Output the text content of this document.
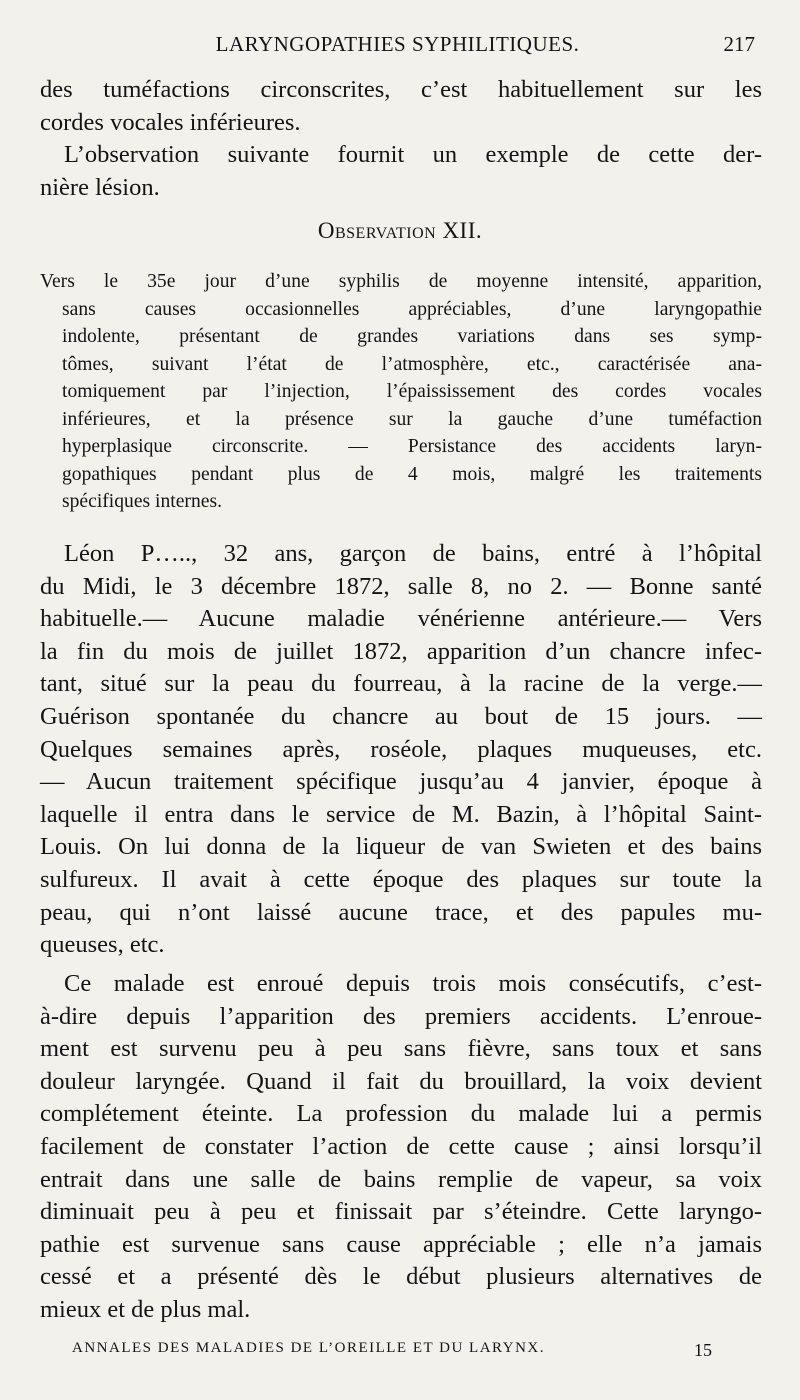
LARYNGOPATHIES SYPHILITIQUES.	217
des tuméfactions circonscrites, c’est habituellement sur les
cordes vocales inférieures.
L’observation suivante fournit un exemple de cette der-
nière lésion.
Observation XII.
Vers le 35e jour d’une syphilis de moyenne intensité, apparition,
sans causes occasionnelles appréciables, d’une laryngopathie
indolente, présentant de grandes variations dans ses symp-
tômes, suivant l’état de l’atmosphère, etc., caractérisée ana-
tomiquement par l’injection, l’épaississement des cordes vocales
inférieures, et la présence sur la gauche d’une tuméfaction
hyperplasique circonscrite. — Persistance des accidents laryn-
gopathiques pendant plus de 4 mois, malgré les traitements
spécifiques internes.
Léon P….., 32 ans, garçon de bains, entré à l’hôpital
du Midi, le 3 décembre 1872, salle 8, no 2. — Bonne santé
habituelle.— Aucune maladie vénérienne antérieure.— Vers
la fin du mois de juillet 1872, apparition d’un chancre infec-
tant, situé sur la peau du fourreau, à la racine de la verge.—
Guérison spontanée du chancre au bout de 15 jours. —
Quelques semaines après, roséole, plaques muqueuses, etc.
— Aucun traitement spécifique jusqu’au 4 janvier, époque à
laquelle il entra dans le service de M. Bazin, à l’hôpital Saint-
Louis. On lui donna de la liqueur de van Swieten et des bains
sulfureux. Il avait à cette époque des plaques sur toute la
peau, qui n’ont laissé aucune trace, et des papules mu-
queuses, etc.
Ce malade est enroué depuis trois mois consécutifs, c’est-
à-dire depuis l’apparition des premiers accidents. L’enroue-
ment est survenu peu à peu sans fièvre, sans toux et sans
douleur laryngée. Quand il fait du brouillard, la voix devient
complétement éteinte. La profession du malade lui a permis
facilement de constater l’action de cette cause ; ainsi lorsqu’il
entrait dans une salle de bains remplie de vapeur, sa voix
diminuait peu à peu et finissait par s’éteindre. Cette laryngo-
pathie est survenue sans cause appréciable ; elle n’a jamais
cessé et a présenté dès le début plusieurs alternatives de
mieux et de plus mal.
ANNALES DES MALADIES DE L’OREILLE ET DU LARYNX.	15
